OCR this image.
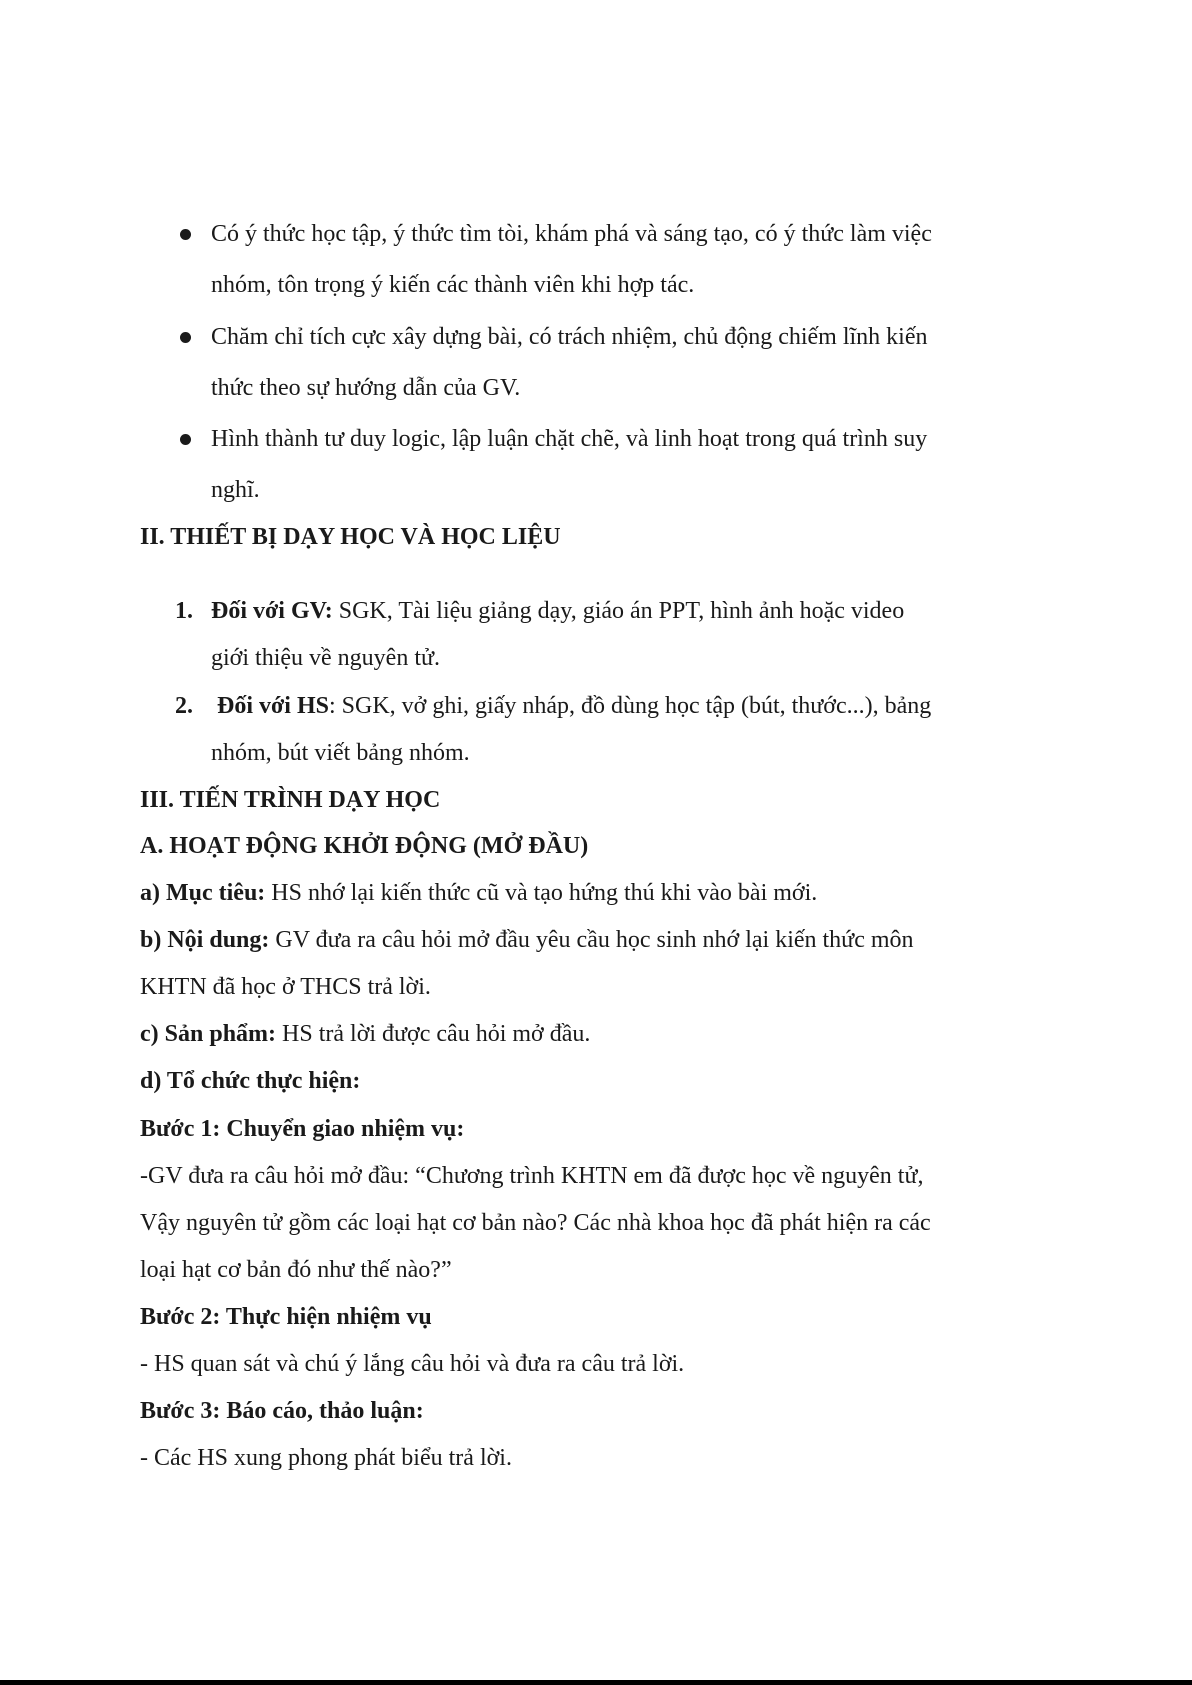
Có ý thức học tập, ý thức tìm tòi, khám phá và sáng tạo, có ý thức làm việc
nhóm, tôn trọng ý kiến các thành viên khi hợp tác.
Chăm chỉ tích cực xây dựng bài, có trách nhiệm, chủ động chiếm lĩnh kiến
thức theo sự hướng dẫn của GV.
Hình thành tư duy logic, lập luận chặt chẽ, và linh hoạt trong quá trình suy
nghĩ.
II. THIẾT BỊ DẠY HỌC VÀ HỌC LIỆU
1. Đối với GV: SGK, Tài liệu giảng dạy, giáo án PPT, hình ảnh hoặc video
giới thiệu về nguyên tử.
2. Đối với HS: SGK, vở ghi, giấy nháp, đồ dùng học tập (bút, thước...), bảng
nhóm, bút viết bảng nhóm.
III. TIẾN TRÌNH DẠY HỌC
A. HOẠT ĐỘNG KHỞI ĐỘNG (MỞ ĐẦU)
a) Mục tiêu: HS nhớ lại kiến thức cũ và tạo hứng thú khi vào bài mới.
b) Nội dung: GV đưa ra câu hỏi mở đầu yêu cầu học sinh nhớ lại kiến thức môn
KHTN đã học ở THCS trả lời.
c) Sản phẩm: HS trả lời được câu hỏi mở đầu.
d) Tổ chức thực hiện:
Bước 1: Chuyển giao nhiệm vụ:
-GV đưa ra câu hỏi mở đầu: “Chương trình KHTN em đã được học về nguyên tử,
Vậy nguyên tử gồm các loại hạt cơ bản nào? Các nhà khoa học đã phát hiện ra các
loại hạt cơ bản đó như thế nào?”
Bước 2: Thực hiện nhiệm vụ
- HS quan sát và chú ý lắng câu hỏi và đưa ra câu trả lời.
Bước 3: Báo cáo, thảo luận:
- Các HS xung phong phát biểu trả lời.
